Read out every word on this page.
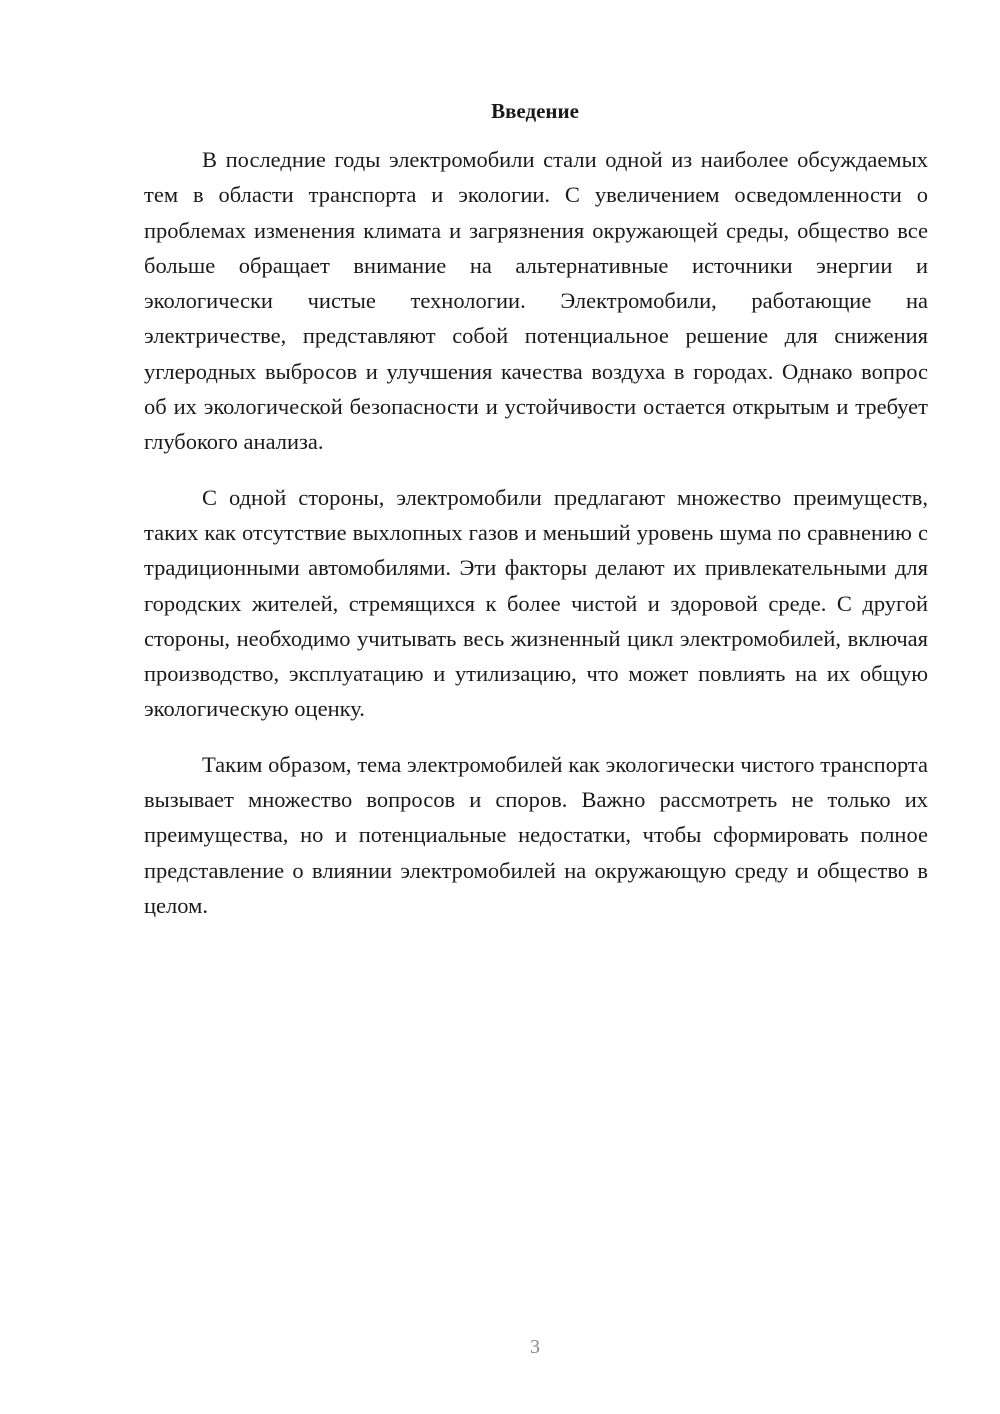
Введение

В последние годы электромобили стали одной из наиболее обсуждаемых тем в области транспорта и экологии. С увеличением осведомленности о проблемах изменения климата и загрязнения окружающей среды, общество все больше обращает внимание на альтернативные источники энергии и экологически чистые технологии. Электромобили, работающие на электричестве, представляют собой потенциальное решение для снижения углеродных выбросов и улучшения качества воздуха в городах. Однако вопрос об их экологической безопасности и устойчивости остается открытым и требует глубокого анализа.

С одной стороны, электромобили предлагают множество преимуществ, таких как отсутствие выхлопных газов и меньший уровень шума по сравнению с традиционными автомобилями. Эти факторы делают их привлекательными для городских жителей, стремящихся к более чистой и здоровой среде. С другой стороны, необходимо учитывать весь жизненный цикл электромобилей, включая производство, эксплуатацию и утилизацию, что может повлиять на их общую экологическую оценку.

Таким образом, тема электромобилей как экологически чистого транспорта вызывает множество вопросов и споров. Важно рассмотреть не только их преимущества, но и потенциальные недостатки, чтобы сформировать полное представление о влиянии электромобилей на окружающую среду и общество в целом.

3
